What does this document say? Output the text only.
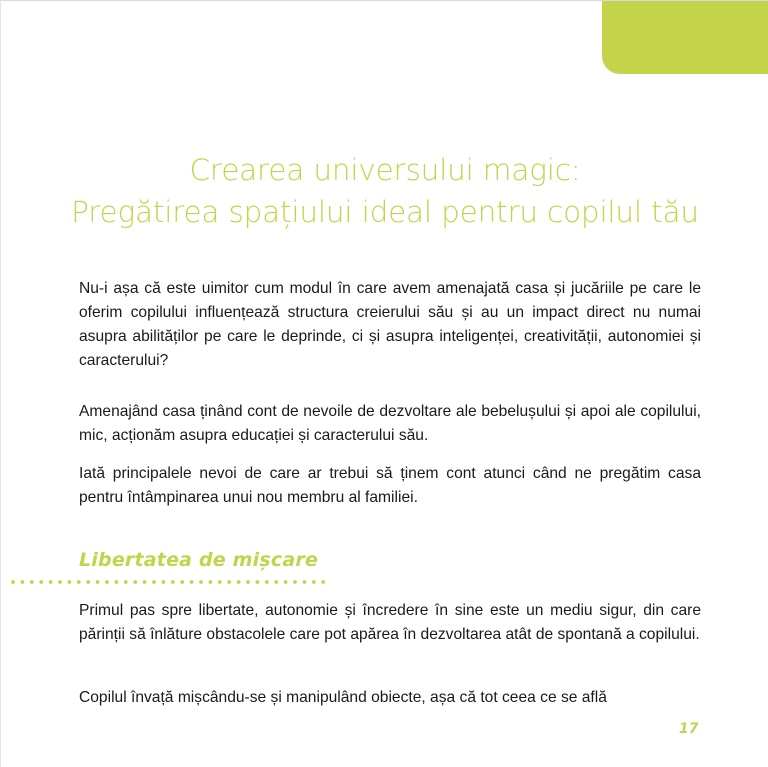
Crearea universului magic:
Pregătirea spațiului ideal pentru copilul tău

Nu-i așa că este uimitor cum modul în care avem amenajată casa și jucăriile pe care le oferim copilului influențează structura creierului său și au un impact direct nu numai asupra abilităților pe care le deprinde, ci și asupra inteligenței, creativității, autonomiei și caracterului?

Amenajând casa ținând cont de nevoile de dezvoltare ale bebelușului și apoi ale copilului, mic, acționăm asupra educației și caracterului său.

Iată principalele nevoi de care ar trebui să ținem cont atunci când ne pregătim casa pentru întâmpinarea unui nou membru al familiei.

Libertatea de mișcare

Primul pas spre libertate, autonomie și încredere în sine este un mediu sigur, din care părinții să înlăture obstacolele care pot apărea în dezvoltarea atât de spontană a copilului.

Copilul învață mișcându-se și manipulând obiecte, așa că tot ceea ce se află

17
